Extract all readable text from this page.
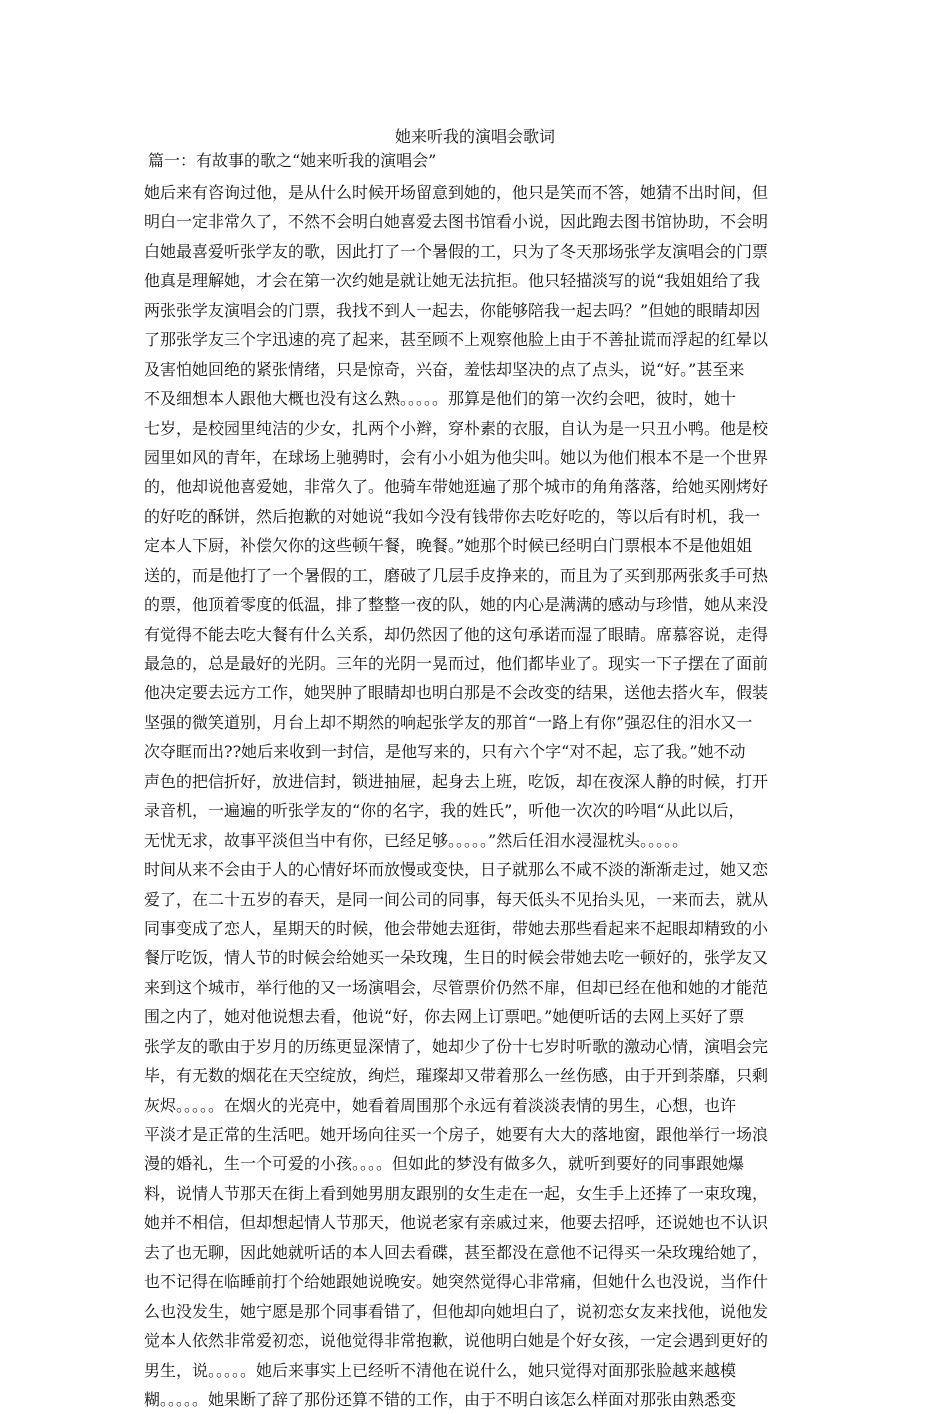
她来听我的演唱会歌词
篇一：有故事的歌之“她来听我的演唱会”
她后来有咨询过他，是从什么时候开场留意到她的，他只是笑而不答，她猜不出时间，但
明白一定非常久了，不然不会明白她喜爱去图书馆看小说，因此跑去图书馆协助，不会明
白她最喜爱听张学友的歌，因此打了一个暑假的工，只为了冬天那场张学友演唱会的门票
他真是理解她，才会在第一次约她是就让她无法抗拒。他只轻描淡写的说“我姐姐给了我
两张张学友演唱会的门票，我找不到人一起去，你能够陪我一起去吗？”但她的眼睛却因
了那张学友三个字迅速的亮了起来，甚至顾不上观察他脸上由于不善扯谎而浮起的红晕以
及害怕她回绝的紧张情绪，只是惊奇，兴奋，羞怯却坚决的点了点头，说“好。”甚至来
不及细想本人跟他大概也没有这么熟。。。。。那算是他们的第一次约会吧，彼时，她十
七岁，是校园里纯洁的少女，扎两个小辫，穿朴素的衣服，自认为是一只丑小鸭。他是校
园里如风的青年，在球场上驰骋时，会有小小姐为他尖叫。她以为他们根本不是一个世界
的，他却说他喜爱她，非常久了。他骑车带她逛遍了那个城市的角角落落，给她买刚烤好
的好吃的酥饼，然后抱歉的对她说“我如今没有钱带你去吃好吃的，等以后有时机，我一
定本人下厨，补偿欠你的这些顿午餐，晚餐。”她那个时候已经明白门票根本不是他姐姐
送的，而是他打了一个暑假的工，磨破了几层手皮挣来的，而且为了买到那两张炙手可热
的票，他顶着零度的低温，排了整整一夜的队，她的内心是满满的感动与珍惜，她从来没
有觉得不能去吃大餐有什么关系，却仍然因了他的这句承诺而湿了眼睛。席慕容说，走得
最急的，总是最好的光阴。三年的光阴一晃而过，他们都毕业了。现实一下子摆在了面前
他决定要去远方工作，她哭肿了眼睛却也明白那是不会改变的结果，送他去搭火车，假装
坚强的微笑道别，月台上却不期然的响起张学友的那首“一路上有你”强忍住的泪水又一
次夺眶而出??她后来收到一封信，是他写来的，只有六个字“对不起，忘了我。”她不动
声色的把信折好，放进信封，锁进抽屉，起身去上班，吃饭，却在夜深人静的时候，打开
录音机，一遍遍的听张学友的“你的名字，我的姓氏”，听他一次次的吟唱“从此以后，
无忧无求，故事平淡但当中有你，已经足够。。。。。”然后任泪水浸湿枕头。。。。。
时间从来不会由于人的心情好坏而放慢或变快，日子就那么不咸不淡的渐渐走过，她又恋
爱了，在二十五岁的春天，是同一间公司的同事，每天低头不见抬头见，一来而去，就从
同事变成了恋人，星期天的时候，他会带她去逛街，带她去那些看起来不起眼却精致的小
餐厅吃饭，情人节的时候会给她买一朵玫瑰，生日的时候会带她去吃一顿好的，张学友又
来到这个城市，举行他的又一场演唱会，尽管票价仍然不扉，但却已经在他和她的才能范
围之内了，她对他说想去看，他说“好，你去网上订票吧。”她便听话的去网上买好了票
张学友的歌由于岁月的历练更显深情了，她却少了份十七岁时听歌的激动心情，演唱会完
毕，有无数的烟花在天空绽放，绚烂，璀璨却又带着那么一丝伤感，由于开到荼靡，只剩
灰烬。。。。。在烟火的光亮中，她看着周围那个永远有着淡淡表情的男生，心想，也许
平淡才是正常的生活吧。她开场向往买一个房子，她要有大大的落地窗，跟他举行一场浪
漫的婚礼，生一个可爱的小孩。。。。但如此的梦没有做多久，就听到要好的同事跟她爆
料，说情人节那天在街上看到她男朋友跟别的女生走在一起，女生手上还捧了一束玫瑰，
她并不相信，但却想起情人节那天，他说老家有亲戚过来，他要去招呼，还说她也不认识
去了也无聊，因此她就听话的本人回去看碟，甚至都没在意他不记得买一朵玫瑰给她了，
也不记得在临睡前打个给她跟她说晚安。她突然觉得心非常痛，但她什么也没说，当作什
么也没发生，她宁愿是那个同事看错了，但他却向她坦白了，说初恋女友来找他，说他发
觉本人依然非常爱初恋，说他觉得非常抱歉，说他明白她是个好女孩，一定会遇到更好的
男生，说。。。。。她后来事实上已经听不清他在说什么，她只觉得对面那张脸越来越模
糊。。。。。她果断了辞了那份还算不错的工作，由于不明白该怎么样面对那张由熟悉变
